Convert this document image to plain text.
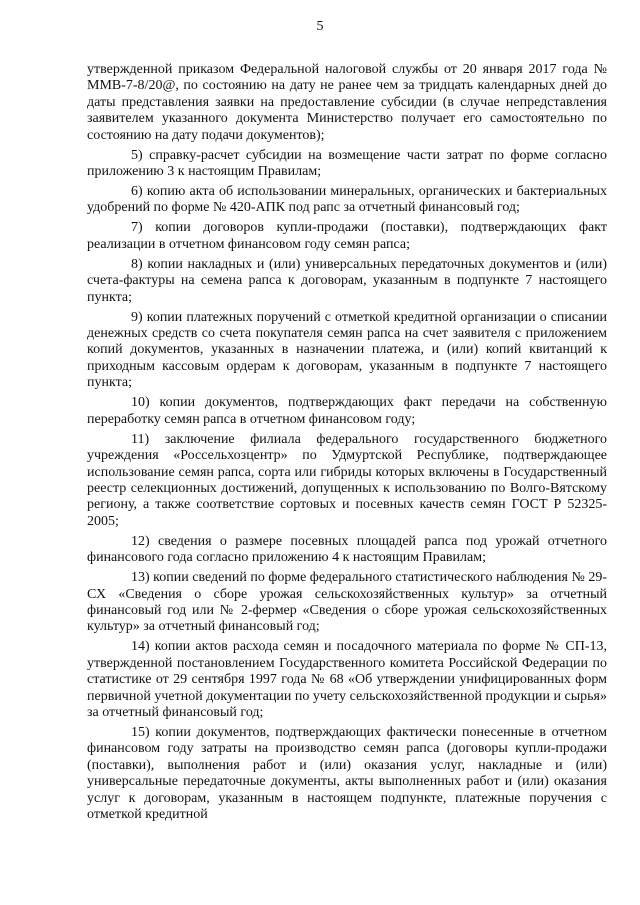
5

утвержденной приказом Федеральной налоговой службы от 20 января 2017 года № ММВ-7-8/20@, по состоянию на дату не ранее чем за тридцать календарных дней до даты представления заявки на предоставление субсидии (в случае непредставления заявителем указанного документа Министерство получает его самостоятельно по состоянию на дату подачи документов);

5) справку-расчет субсидии на возмещение части затрат по форме согласно приложению 3 к настоящим Правилам;

6) копию акта об использовании минеральных, органических и бактериальных удобрений по форме № 420-АПК под рапс за отчетный финансовый год;

7) копии договоров купли-продажи (поставки), подтверждающих факт реализации в отчетном финансовом году семян рапса;

8) копии накладных и (или) универсальных передаточных документов и (или) счета-фактуры на семена рапса к договорам, указанным в подпункте 7 настоящего пункта;

9) копии платежных поручений с отметкой кредитной организации о списании денежных средств со счета покупателя семян рапса на счет заявителя с приложением копий документов, указанных в назначении платежа, и (или) копий квитанций к приходным кассовым ордерам к договорам, указанным в подпункте 7 настоящего пункта;

10) копии документов, подтверждающих факт передачи на собственную переработку семян рапса в отчетном финансовом году;

11) заключение филиала федерального государственного бюджетного учреждения «Россельхозцентр» по Удмуртской Республике, подтверждающее использование семян рапса, сорта или гибриды которых включены в Государственный реестр селекционных достижений, допущенных к использованию по Волго-Вятскому региону, а также соответствие сортовых и посевных качеств семян ГОСТ Р 52325-2005;

12) сведения о размере посевных площадей рапса под урожай отчетного финансового года согласно приложению 4 к настоящим Правилам;

13) копии сведений по форме федерального статистического наблюдения № 29-СХ «Сведения о сборе урожая сельскохозяйственных культур» за отчетный финансовый год или № 2-фермер «Сведения о сборе урожая сельскохозяйственных культур» за отчетный финансовый год;

14) копии актов расхода семян и посадочного материала по форме № СП-13, утвержденной постановлением Государственного комитета Российской Федерации по статистике от 29 сентября 1997 года № 68 «Об утверждении унифицированных форм первичной учетной документации по учету сельскохозяйственной продукции и сырья» за отчетный финансовый год;

15) копии документов, подтверждающих фактически понесенные в отчетном финансовом году затраты на производство семян рапса (договоры купли-продажи (поставки), выполнения работ и (или) оказания услуг, накладные и (или) универсальные передаточные документы, акты выполненных работ и (или) оказания услуг к договорам, указанным в настоящем подпункте, платежные поручения с отметкой кредитной
